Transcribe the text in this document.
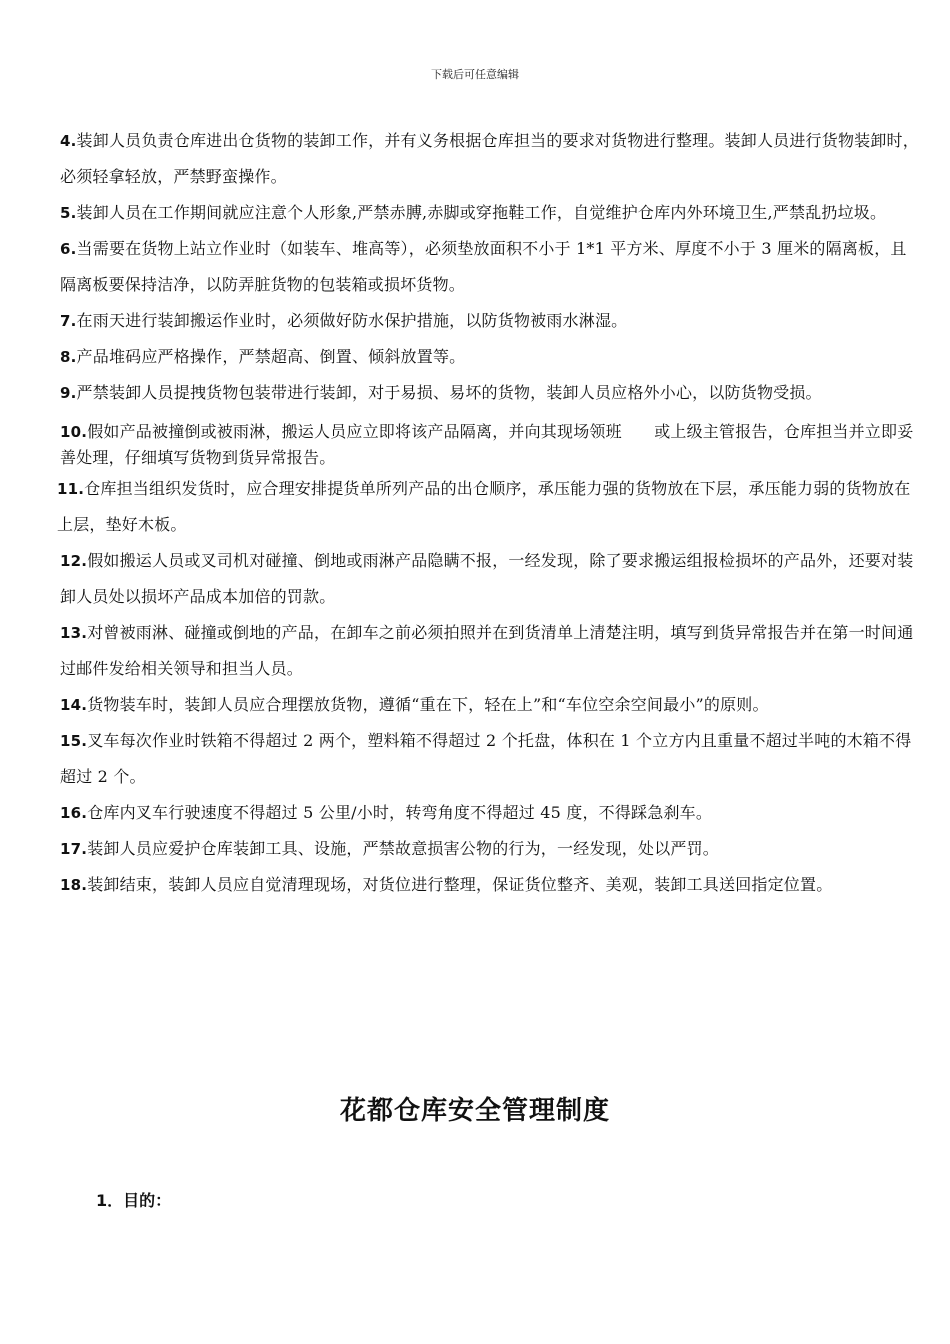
下载后可任意编辑

4.装卸人员负责仓库进出仓货物的装卸工作，并有义务根据仓库担当的要求对货物进行整理。装卸人员进行货物装卸时，必须轻拿轻放，严禁野蛮操作。

5.装卸人员在工作期间就应注意个人形象,严禁赤膊,赤脚或穿拖鞋工作，自觉维护仓库内外环境卫生,严禁乱扔垃圾。

6.当需要在货物上站立作业时（如装车、堆高等），必须垫放面积不小于 1*1 平方米、厚度不小于 3 厘米的隔离板，且隔离板要保持洁净，以防弄脏货物的包装箱或损坏货物。

7.在雨天进行装卸搬运作业时，必须做好防水保护措施，以防货物被雨水淋湿。

8.产品堆码应严格操作，严禁超高、倒置、倾斜放置等。

9.严禁装卸人员提拽货物包装带进行装卸，对于易损、易坏的货物，装卸人员应格外小心，以防货物受损。

10.假如产品被撞倒或被雨淋，搬运人员应立即将该产品隔离，并向其现场领班　　或上级主管报告，仓库担当并立即妥善处理，仔细填写货物到货异常报告。

11.仓库担当组织发货时，应合理安排提货单所列产品的出仓顺序，承压能力强的货物放在下层，承压能力弱的货物放在上层，垫好木板。

12.假如搬运人员或叉司机对碰撞、倒地或雨淋产品隐瞒不报，一经发现，除了要求搬运组报检损坏的产品外，还要对装卸人员处以损坏产品成本加倍的罚款。

13.对曾被雨淋、碰撞或倒地的产品，在卸车之前必须拍照并在到货清单上清楚注明，填写到货异常报告并在第一时间通过邮件发给相关领导和担当人员。

14.货物装车时，装卸人员应合理摆放货物，遵循“重在下，轻在上”和“车位空余空间最小”的原则。

15.叉车每次作业时铁箱不得超过 2 两个，塑料箱不得超过 2 个托盘，体积在 1 个立方内且重量不超过半吨的木箱不得超过 2 个。

16.仓库内叉车行驶速度不得超过 5 公里/小时，转弯角度不得超过 45 度，不得踩急刹车。

17.装卸人员应爱护仓库装卸工具、设施，严禁故意损害公物的行为，一经发现，处以严罚。

18.装卸结束，装卸人员应自觉清理现场，对货位进行整理，保证货位整齐、美观，装卸工具送回指定位置。

花都仓库安全管理制度
1．目的：
